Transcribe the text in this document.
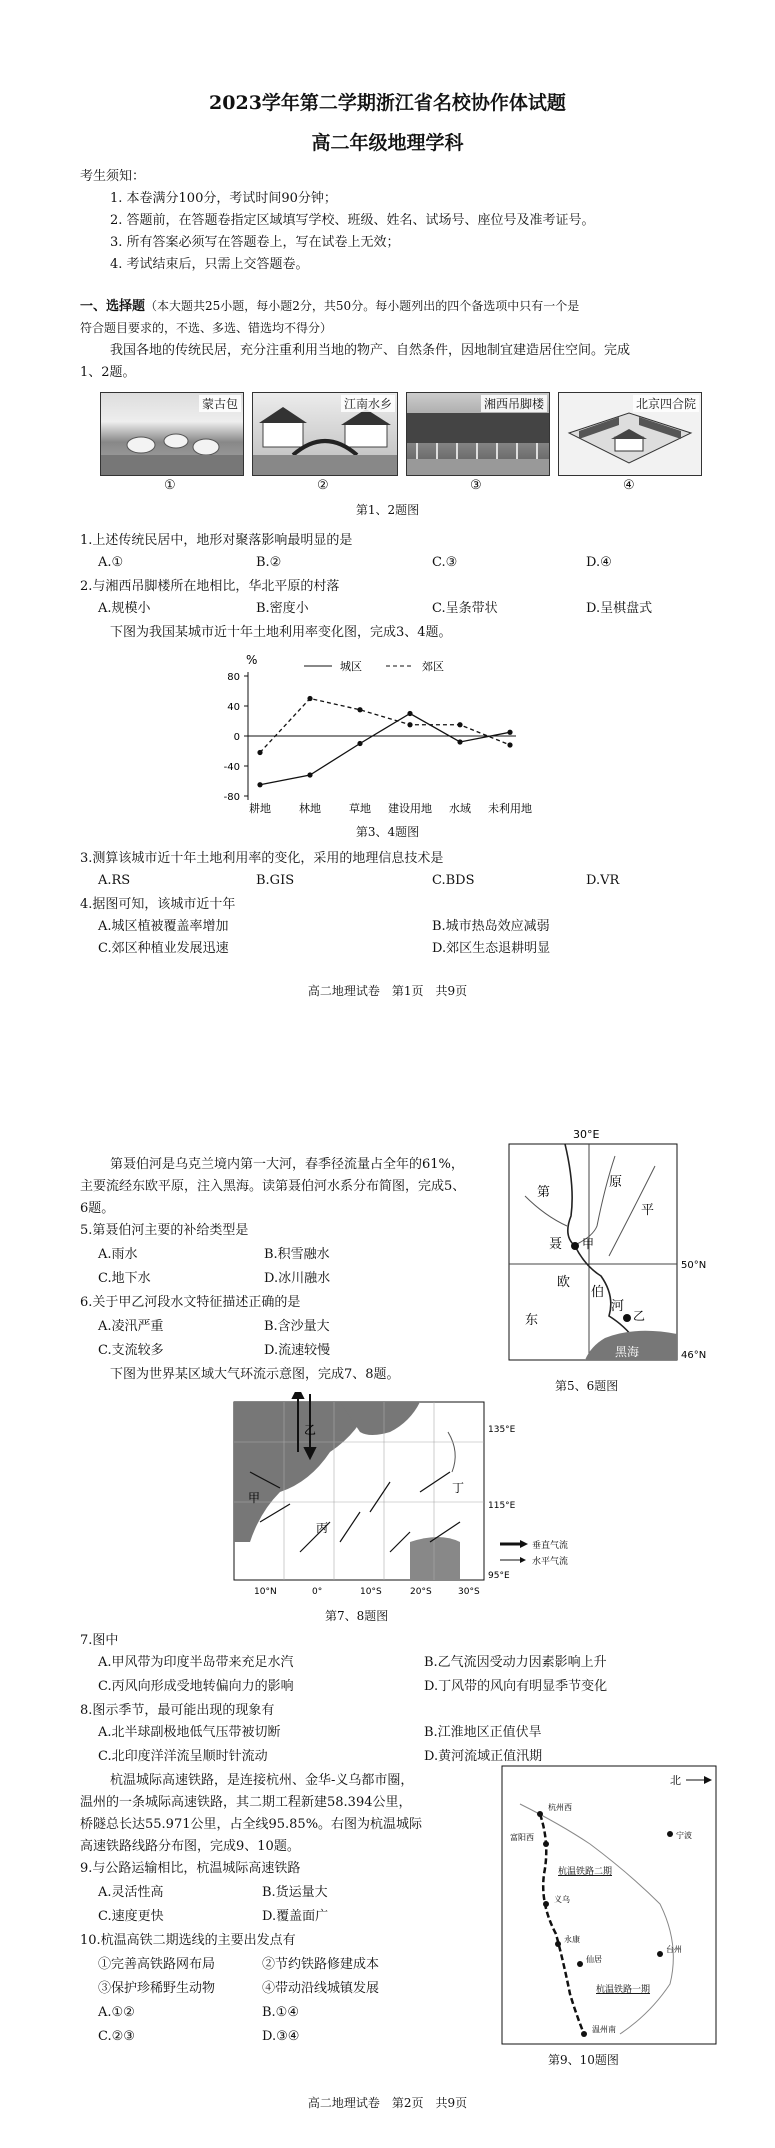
2023学年第二学期浙江省名校协作体试题
高二年级地理学科
考生须知：
1. 本卷满分100分，考试时间90分钟；
2. 答题前，在答题卷指定区域填写学校、班级、姓名、试场号、座位号及准考证号。
3. 所有答案必须写在答题卷上，写在试卷上无效；
4. 考试结束后，只需上交答题卷。
一、选择题（本大题共25小题，每小题2分，共50分。每小题列出的四个备选项中只有一个是
符合题目要求的，不选、多选、错选均不得分）
我国各地的传统民居，充分注重利用当地的物产、自然条件，因地制宜建造居住空间。完成
1、2题。
蒙古包	江南水乡	湘西吊脚楼	北京四合院
①	②	③	④
第1、2题图
1.上述传统民居中，地形对聚落影响最明显的是
A.①	B.②	C.③	D.④
2.与湘西吊脚楼所在地相比，华北平原的村落
A.规模小	B.密度小	C.呈条带状	D.呈棋盘式
下图为我国某城市近十年土地利用率变化图，完成3、4题。
%	城区	郊区
80
40
0
-40
-80
耕地	林地	草地 建设用地 水域 未利用地
第3、4题图
3.测算该城市近十年土地利用率的变化，采用的地理信息技术是
A.RS	B.GIS	C.BDS	D.VR
4.据图可知，该城市近十年
A.城区植被覆盖率增加	B.城市热岛效应减弱
C.郊区种植业发展迅速	D.郊区生态退耕明显
高二地理试卷　第1页　共9页
第聂伯河是乌克兰境内第一大河，春季径流量占全年的61%，
主要流经东欧平原，注入黑海。读第聂伯河水系分布简图，完成5、
6题。
5.第聂伯河主要的补给类型是
A.雨水	B.积雪融水
C.地下水	D.冰川融水
6.关于甲乙河段水文特征描述正确的是
A.凌汛严重	B.含沙量大
C.支流较多	D.流速较慢
下图为世界某区域大气环流示意图，完成7、8题。
30°E
50°N
46°N
第
原
平
聂 甲
欧
伯
东
河
乙
黑海
第5、6题图
甲
乙
丙
丁
135°E
115°E
95°E
10°N	0°	10°S	20°S	30°S
垂直气流
水平气流
第7、8题图
7.图中
A.甲风带为印度半岛带来充足水汽	B.乙气流因受动力因素影响上升
C.丙风向形成受地转偏向力的影响	D.丁风带的风向有明显季节变化
8.图示季节，最可能出现的现象有
A.北半球副极地低气压带被切断	B.江淮地区正值伏旱
C.北印度洋洋流呈顺时针流动	D.黄河流域正值汛期
杭温城际高速铁路，是连接杭州、金华-义乌都市圈，
温州的一条城际高速铁路，其二期工程新建58.394公里，
桥隧总长达55.971公里，占全线95.85%。右图为杭温城际
高速铁路线路分布图，完成9、10题。
9.与公路运输相比，杭温城际高速铁路
A.灵活性高	B.货运量大
C.速度更快	D.覆盖面广
10.杭温高铁二期选线的主要出发点有
①完善高铁路网布局	②节约铁路修建成本
③保护珍稀野生动物	④带动沿线城镇发展
A.①②	B.①④
C.②③	D.③④
北
杭州西
富阳西	宁波
杭温铁路二期
杭温铁路一期
义乌
永康
仙居
台州
温州南
第9、10题图
高二地理试卷　第2页　共9页
